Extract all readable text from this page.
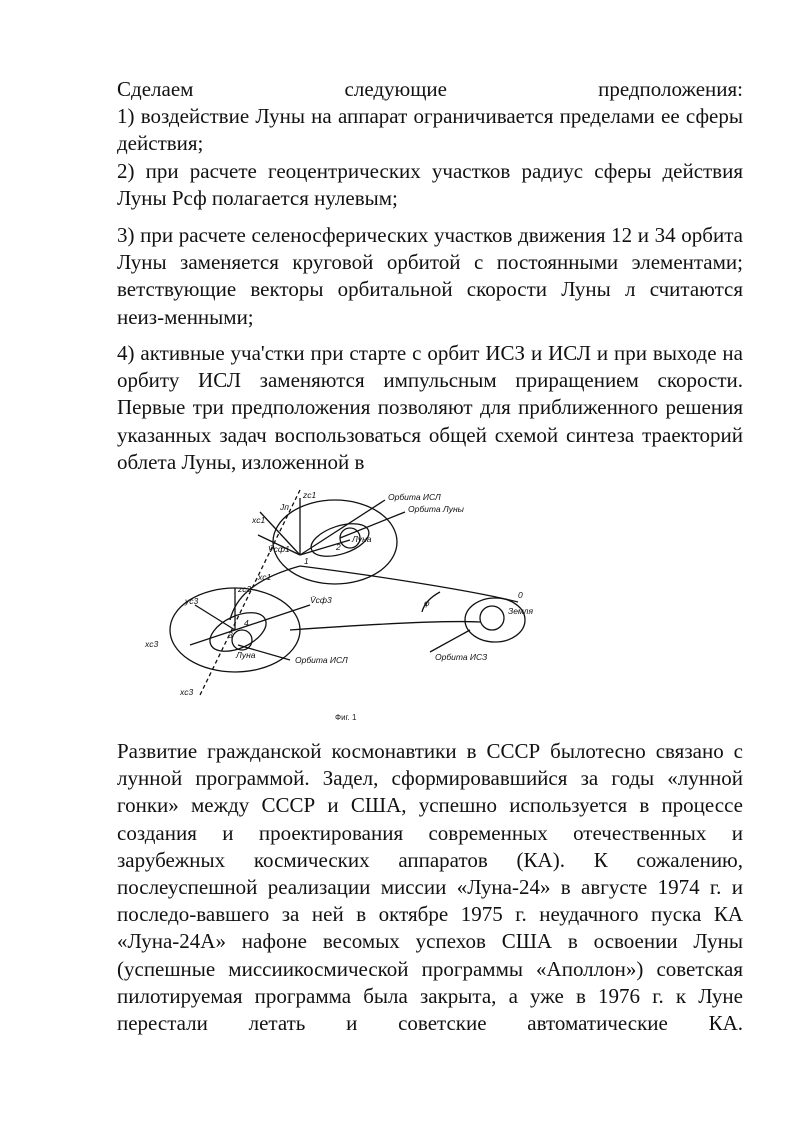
Сделаем	следующие	предположения:
1) воздействие Луны на аппарат ограничивается пределами ее сферы
действия;
2) при расчете геоцентрических участков радиус сферы действия
Луны Рсф полагается нулевым;
3) при расчете селеносферических участков движения 12 и 34 орбита
Луны заменяется круговой орбитой с постоянными элементами;
ветствующие векторы орбитальной скорости Луны л считаются
неиз-менными;
4) активные уча'стки при старте с орбит ИСЗ и ИСЛ и при выходе на
орбиту ИСЛ заменяются импульсным приращением скорости.
Первые три предположения позволяют для приближенного решения
указанных задач воспользоваться общей схемой синтеза траекторий
облета Луны, изложенной в
Орбита ИСЛ
Орбита Луны
Луна
Земля
Орбита ИСЗ
Орбита ИСЛ
Луна
φ
V̄сф1
V̄сф3
zс1
Jп
xс1
zс3
yс3
xс3
xс1
xс3
1
2
3
4
0
Фиг. 1
Развитие гражданской космонавтики в СССР былотесно связано с
лунной программой. Задел, сформировавшийся за годы «лунной
гонки» между СССР и США, успешно используется в процессе
создания и проектирования современных отечественных и
зарубежных космических аппаратов (КА). К сожалению,
послеуспешной реализации миссии «Луна-24» в августе 1974 г. и
последо-вавшего за ней в октябре 1975 г. неудачного пуска КА
«Луна-24А» нафоне весомых успехов США в освоении Луны
(успешные миссиикосмической программы «Аполлон») советская
пилотируемая программа была закрыта, а уже в 1976 г. к Луне
перестали летать и советские автоматические КА.
